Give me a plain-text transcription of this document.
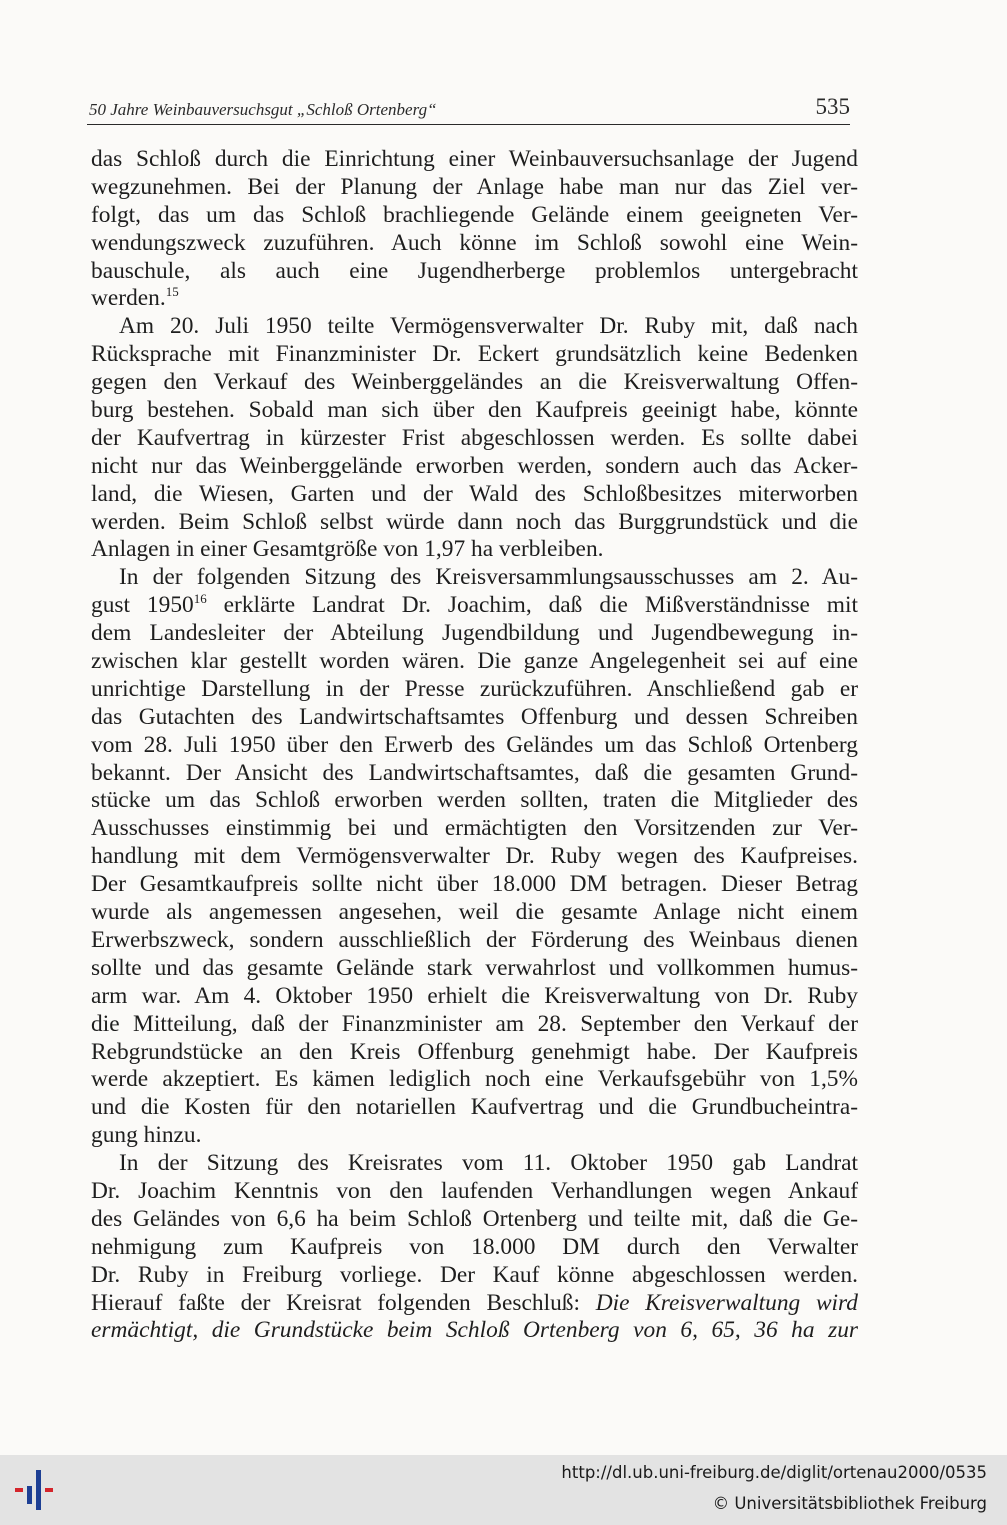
50 Jahre Weinbauversuchsgut „Schloß Ortenberg“	535
das Schloß durch die Einrichtung einer Weinbauversuchsanlage der Jugend
wegzunehmen. Bei der Planung der Anlage habe man nur das Ziel ver-
folgt, das um das Schloß brachliegende Gelände einem geeigneten Ver-
wendungszweck zuzuführen. Auch könne im Schloß sowohl eine Wein-
bauschule, als auch eine Jugendherberge problemlos untergebracht
werden.$^{15}$
Am 20. Juli 1950 teilte Vermögensverwalter Dr. Ruby mit, daß nach
Rücksprache mit Finanzminister Dr. Eckert grundsätzlich keine Bedenken
gegen den Verkauf des Weinberggeländes an die Kreisverwaltung Offen-
burg bestehen. Sobald man sich über den Kaufpreis geeinigt habe, könnte
der Kaufvertrag in kürzester Frist abgeschlossen werden. Es sollte dabei
nicht nur das Weinberggelände erworben werden, sondern auch das Acker-
land, die Wiesen, Garten und der Wald des Schloßbesitzes miterworben
werden. Beim Schloß selbst würde dann noch das Burggrundstück und die
Anlagen in einer Gesamtgröße von 1,97 ha verbleiben.
In der folgenden Sitzung des Kreisversammlungsausschusses am 2. Au-
gust 1950$^{16}$ erklärte Landrat Dr. Joachim, daß die Mißverständnisse mit
dem Landesleiter der Abteilung Jugendbildung und Jugendbewegung in-
zwischen klar gestellt worden wären. Die ganze Angelegenheit sei auf eine
unrichtige Darstellung in der Presse zurückzuführen. Anschließend gab er
das Gutachten des Landwirtschaftsamtes Offenburg und dessen Schreiben
vom 28. Juli 1950 über den Erwerb des Geländes um das Schloß Ortenberg
bekannt. Der Ansicht des Landwirtschaftsamtes, daß die gesamten Grund-
stücke um das Schloß erworben werden sollten, traten die Mitglieder des
Ausschusses einstimmig bei und ermächtigten den Vorsitzenden zur Ver-
handlung mit dem Vermögensverwalter Dr. Ruby wegen des Kaufpreises.
Der Gesamtkaufpreis sollte nicht über 18.000 DM betragen. Dieser Betrag
wurde als angemessen angesehen, weil die gesamte Anlage nicht einem
Erwerbszweck, sondern ausschließlich der Förderung des Weinbaus dienen
sollte und das gesamte Gelände stark verwahrlost und vollkommen humus-
arm war. Am 4. Oktober 1950 erhielt die Kreisverwaltung von Dr. Ruby
die Mitteilung, daß der Finanzminister am 28. September den Verkauf der
Rebgrundstücke an den Kreis Offenburg genehmigt habe. Der Kaufpreis
werde akzeptiert. Es kämen lediglich noch eine Verkaufsgebühr von 1,5%
und die Kosten für den notariellen Kaufvertrag und die Grundbucheintra-
gung hinzu.
In der Sitzung des Kreisrates vom 11. Oktober 1950 gab Landrat
Dr. Joachim Kenntnis von den laufenden Verhandlungen wegen Ankauf
des Geländes von 6,6 ha beim Schloß Ortenberg und teilte mit, daß die Ge-
nehmigung zum Kaufpreis von 18.000 DM durch den Verwalter
Dr. Ruby in Freiburg vorliege. Der Kauf könne abgeschlossen werden.
Hierauf faßte der Kreisrat folgenden Beschluß: Die Kreisverwaltung wird
ermächtigt, die Grundstücke beim Schloß Ortenberg von 6, 65, 36 ha zur
http://dl.ub.uni-freiburg.de/diglit/ortenau2000/0535
© Universitätsbibliothek Freiburg
